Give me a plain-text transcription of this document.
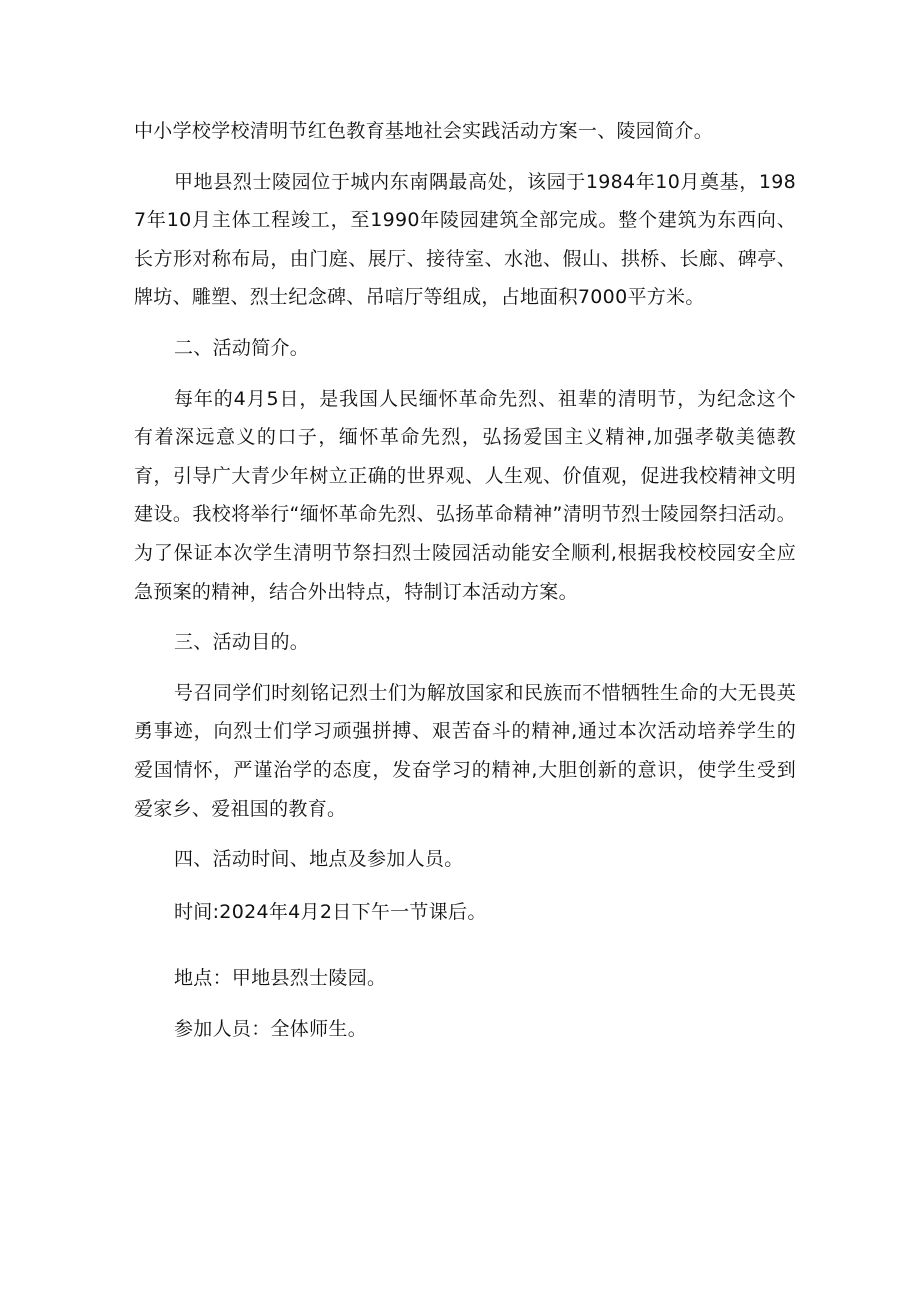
中小学校学校清明节红色教育基地社会实践活动方案一、陵园简介。

甲地县烈士陵园位于城内东南隅最高处，该园于1984年10月奠基，1987年10月主体工程竣工，至1990年陵园建筑全部完成。整个建筑为东西向、长方形对称布局，由门庭、展厅、接待室、水池、假山、拱桥、长廊、碑亭、牌坊、雕塑、烈士纪念碑、吊唁厅等组成，占地面积7000平方米。

二、活动简介。

每年的4月5日，是我国人民缅怀革命先烈、祖辈的清明节，为纪念这个有着深远意义的口子，缅怀革命先烈，弘扬爱国主义精神,加强孝敬美德教育，引导广大青少年树立正确的世界观、人生观、价值观，促进我校精神文明建设。我校将举行“缅怀革命先烈、弘扬革命精神”清明节烈士陵园祭扫活动。为了保证本次学生清明节祭扫烈士陵园活动能安全顺利,根据我校校园安全应急预案的精神，结合外出特点，特制订本活动方案。

三、活动目的。

号召同学们时刻铭记烈士们为解放国家和民族而不惜牺牲生命的大无畏英勇事迹，向烈士们学习顽强拼搏、艰苦奋斗的精神,通过本次活动培养学生的爱国情怀，严谨治学的态度，发奋学习的精神,大胆创新的意识，使学生受到爱家乡、爱祖国的教育。

四、活动时间、地点及参加人员。

时间:2024年4月2日下午一节课后。

地点：甲地县烈士陵园。

参加人员：全体师生。
